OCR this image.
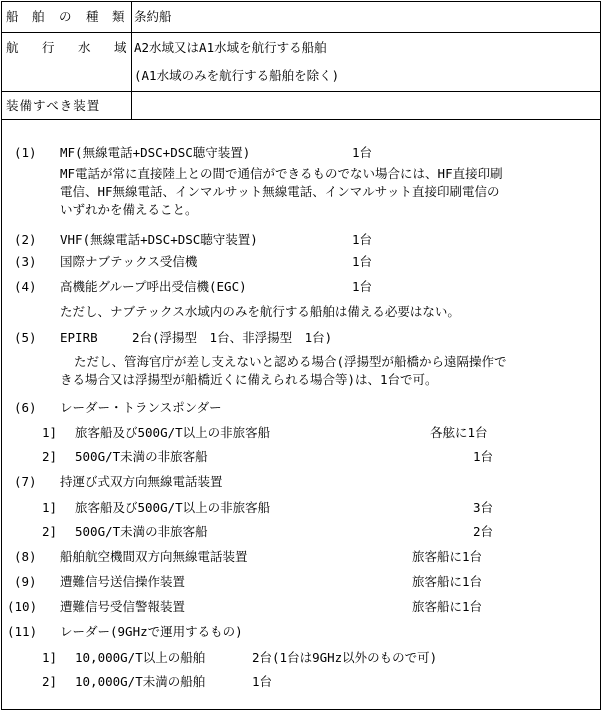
船 舶 の 種 類 条約船
航 行 水 域 A2水域又はA1水域を航行する船舶
(A1水域のみを航行する船舶を除く)
装備すべき装置
(1) MF(無線電話+DSC+DSC聴守装置)	1台
MF電話が常に直接陸上との間で通信ができるものでない場合には、HF直接印刷
電信、HF無線電話、インマルサット無線電話、インマルサット直接印刷電信の
いずれかを備えること。
(2) VHF(無線電話+DSC+DSC聴守装置)	1台
(3) 国際ナブテックス受信機	1台
(4) 高機能グループ呼出受信機(EGC)	1台
ただし、ナブテックス水域内のみを航行する船舶は備える必要はない。
(5) EPIRB	2台(浮揚型　1台、非浮揚型　1台)
ただし、管海官庁が差し支えないと認める場合(浮揚型が船橋から遠隔操作で
きる場合又は浮揚型が船橋近くに備えられる場合等)は、1台で可。
(6) レーダー・トランスポンダー
1] 旅客船及び500G/T以上の非旅客船	各舷に1台
2] 500G/T未満の非旅客船	1台
(7) 持運び式双方向無線電話装置
1] 旅客船及び500G/T以上の非旅客船	3台
2] 500G/T未満の非旅客船	2台
(8) 船舶航空機間双方向無線電話装置	旅客船に1台
(9) 遭難信号送信操作装置	旅客船に1台
(10) 遭難信号受信警報装置	旅客船に1台
(11) レーダー(9GHzで運用するもの)
1] 10,000G/T以上の船舶	2台(1台は9GHz以外のもので可)
2] 10,000G/T未満の船舶	1台
